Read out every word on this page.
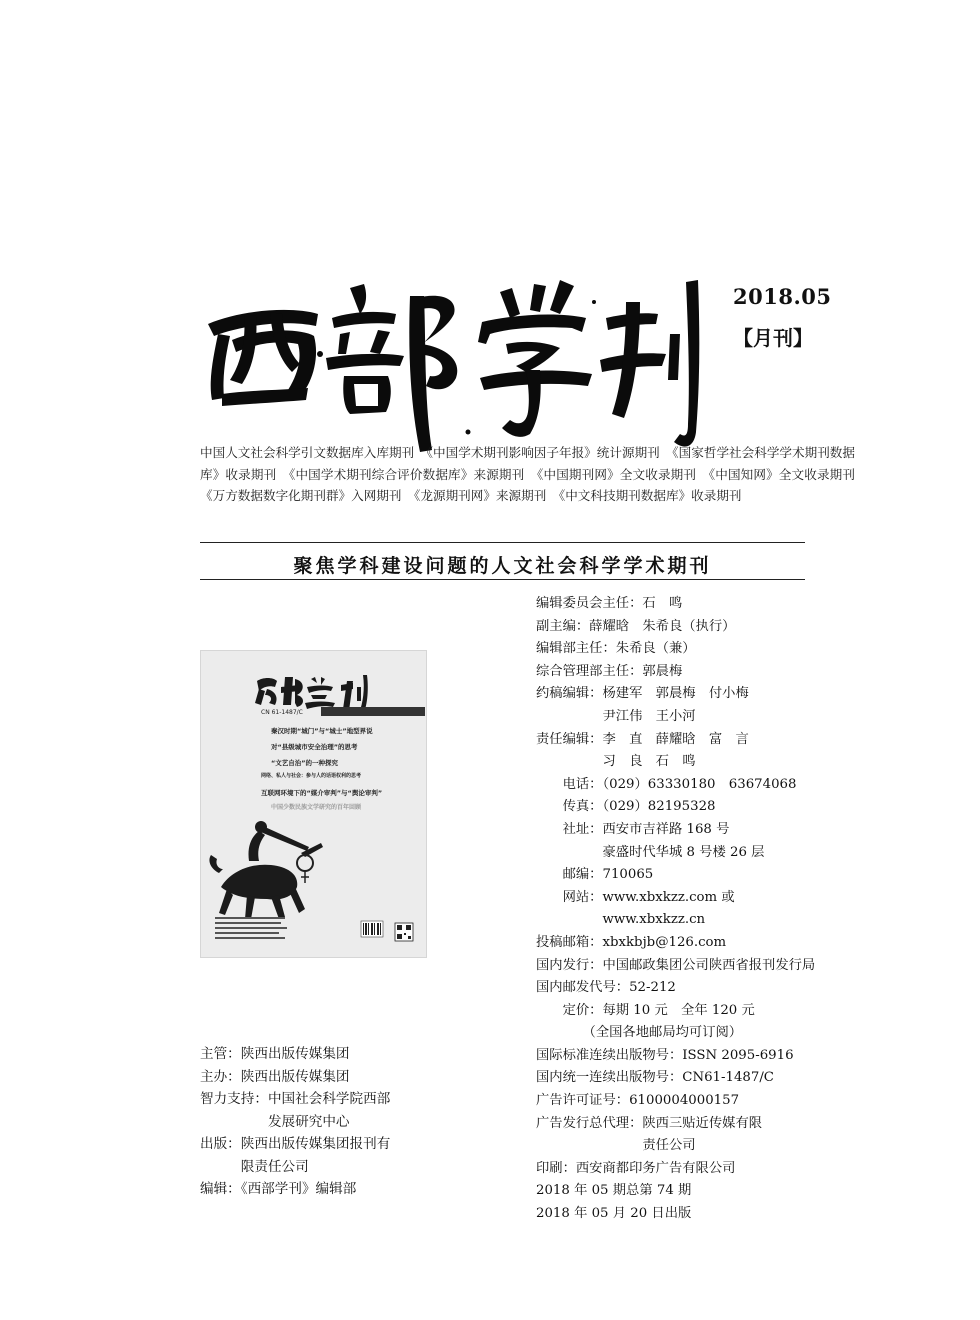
2018.05
【月刊】
中国人文社会科学引文数据库入库期刊　《中国学术期刊影响因子年报》统计源期刊　《国家哲学社会科学学术期刊数据库》收录期刊　《中国学术期刊综合评价数据库》来源期刊　《中国期刊网》全文收录期刊　《中国知网》全文收录期刊　《万方数据数字化期刊群》入网期刊　《龙源期刊网》来源期刊　《中文科技期刊数据库》收录期刊
聚焦学科建设问题的人文社会科学学术期刊
CN 61-1487/C
秦汉时期“城门”与“城士”地型界说
对“县级城市安全治理”的思考
“文艺自治”的一种探究
网络、私人与社会：参与人的话语权利的思考
互联网环境下的“媒介审判”与“舆论审判”
中国少数民族文学研究的百年回顾
编辑委员会主任：石　鸣
副主编：薛耀晗　朱希良（执行）
编辑部主任：朱希良（兼）
综合管理部主任：郭晨梅
约稿编辑：杨建军　郭晨梅　付小梅
　　　　　尹江伟　王小河
责任编辑：李　直　薛耀晗　富　言
　　　　　习　良　石　鸣
　　电话：（029）63330180　63674068
　　传真：（029）82195328
　　社址：西安市吉祥路 168 号
　　　　　豪盛时代华城 8 号楼 26 层
　　邮编：710065
　　网站：www.xbxkzz.com 或
　　　　　www.xbxkzz.cn
投稿邮箱：xbxkbjb@126.com
国内发行：中国邮政集团公司陕西省报刊发行局
国内邮发代号：52-212
　　定价：每期 10 元　全年 120 元
　　　　（全国各地邮局均可订阅）
国际标准连续出版物号：ISSN 2095-6916
国内统一连续出版物号：CN61-1487/C
广告许可证号：6100004000157
广告发行总代理：陕西三贴近传媒有限
　　　　　　　　责任公司
印刷：西安商都印务广告有限公司
2018 年 05 期总第 74 期
2018 年 05 月 20 日出版
主管：陕西出版传媒集团
主办：陕西出版传媒集团
智力支持：中国社会科学院西部
　　　　　发展研究中心
出版：陕西出版传媒集团报刊有
　　　限责任公司
编辑：《西部学刊》编辑部
